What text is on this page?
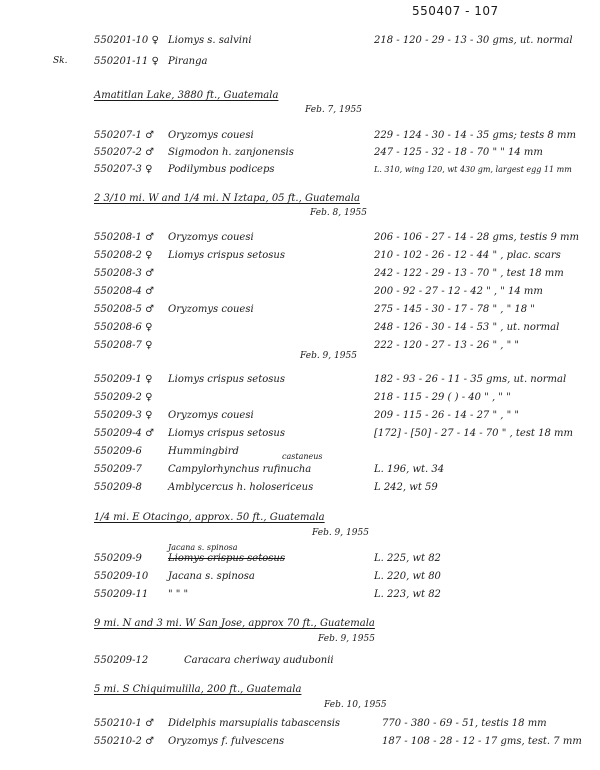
550407 - 107
550201-10 ♀ Liomys s. salvini	218 - 120 - 29 - 13 - 30 gms, ut. normal
Sk.	550201-11 ♀ Piranga
Amatitlan Lake, 3880 ft., Guatemala
Feb. 7, 1955
550207-1 ♂	Oryzomys couesi	229 - 124 - 30 - 14 - 35 gms; tests 8 mm
550207-2 ♂	Sigmodon h. zanjonensis	247 - 125 - 32 - 18 - 70 " " 14 mm
550207-3 ♀	Podilymbus podiceps	L. 310, wing 120, wt 430 gm, largest egg 11 mm
2 3/10 mi. W and 1/4 mi. N Iztapa, 05 ft., Guatemala
Feb. 8, 1955
550208-1 ♂	Oryzomys couesi	206 - 106 - 27 - 14 - 28 gms, testis 9 mm
550208-2 ♀	Liomys crispus setosus	210 - 102 - 26 - 12 - 44 " , plac. scars
550208-3 ♂	242 - 122 - 29 - 13 - 70 " , test 18 mm
550208-4 ♂	200 - 92 - 27 - 12 - 42 " , " 14 mm
550208-5 ♂	Oryzomys couesi	275 - 145 - 30 - 17 - 78 " , " 18 "
550208-6 ♀	248 - 126 - 30 - 14 - 53 " , ut. normal
550208-7 ♀	222 - 120 - 27 - 13 - 26 " , " "
Feb. 9, 1955
550209-1 ♀	Liomys crispus setosus	182 - 93 - 26 - 11 - 35 gms, ut. normal
550209-2 ♀	218 - 115 - 29 ( ) - 40 " , " "
550209-3 ♀	Oryzomys couesi	209 - 115 - 26 - 14 - 27 " , " "
550209-4 ♂	Liomys crispus setosus	[172] - [50] - 27 - 14 - 70 " , test 18 mm
550209-6	Hummingbird	castaneus
550209-7	Campylorhynchus rufinucha	L. 196, wt. 34
550209-8	Amblycercus h. holosericeus	L 242, wt 59
1/4 mi. E Otacingo, approx. 50 ft., Guatemala
Feb. 9, 1955
Jacana s. spinosa
550209-9	Liomys crispus setosus	L. 225, wt 82
550209-10	Jacana s. spinosa	L. 220, wt 80
550209-11	" " "	L. 223, wt 82
9 mi. N and 3 mi. W San Jose, approx 70 ft., Guatemala
Feb. 9, 1955
550209-12	Caracara cheriway audubonii
5 mi. S Chiquimulilla, 200 ft., Guatemala
Feb. 10, 1955
550210-1 ♂	Didelphis marsupialis tabascensis	770 - 380 - 69 - 51, testis 18 mm
550210-2 ♂	Oryzomys f. fulvescens	187 - 108 - 28 - 12 - 17 gms, test. 7 mm
